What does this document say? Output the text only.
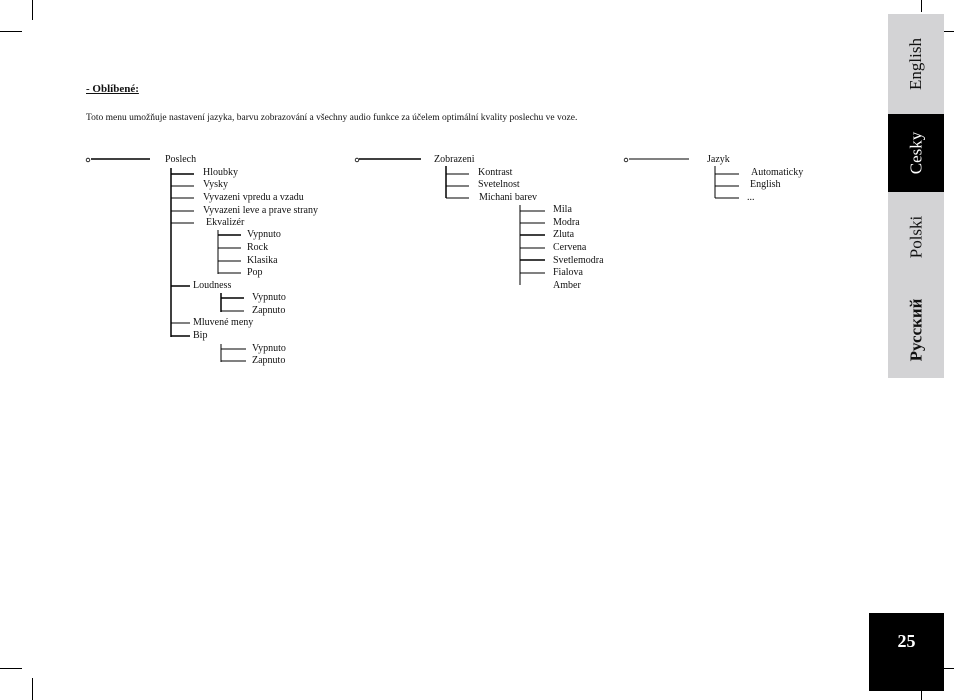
- Oblíbené:
Toto menu umožňuje nastavení jazyka, barvu zobrazování a všechny audio funkce za účelem optimální kvality poslechu ve voze.
Poslech
Hloubky
Vysky
Vyvazeni vpredu a vzadu
Vyvazeni leve a prave strany
Ekvalizér
Vypnuto
Rock
Klasika
Pop
Loudness
Vypnuto
Zapnuto
Mluvené meny
Bip
Vypnuto
Zapnuto
Zobrazeni
Kontrast
Svetelnost
Michani barev
Mila
Modra
Zluta
Cervena
Svetlemodra
Fialova
Amber
Jazyk
Automaticky
English
...
English
Cesky
Polski
Русский
25
